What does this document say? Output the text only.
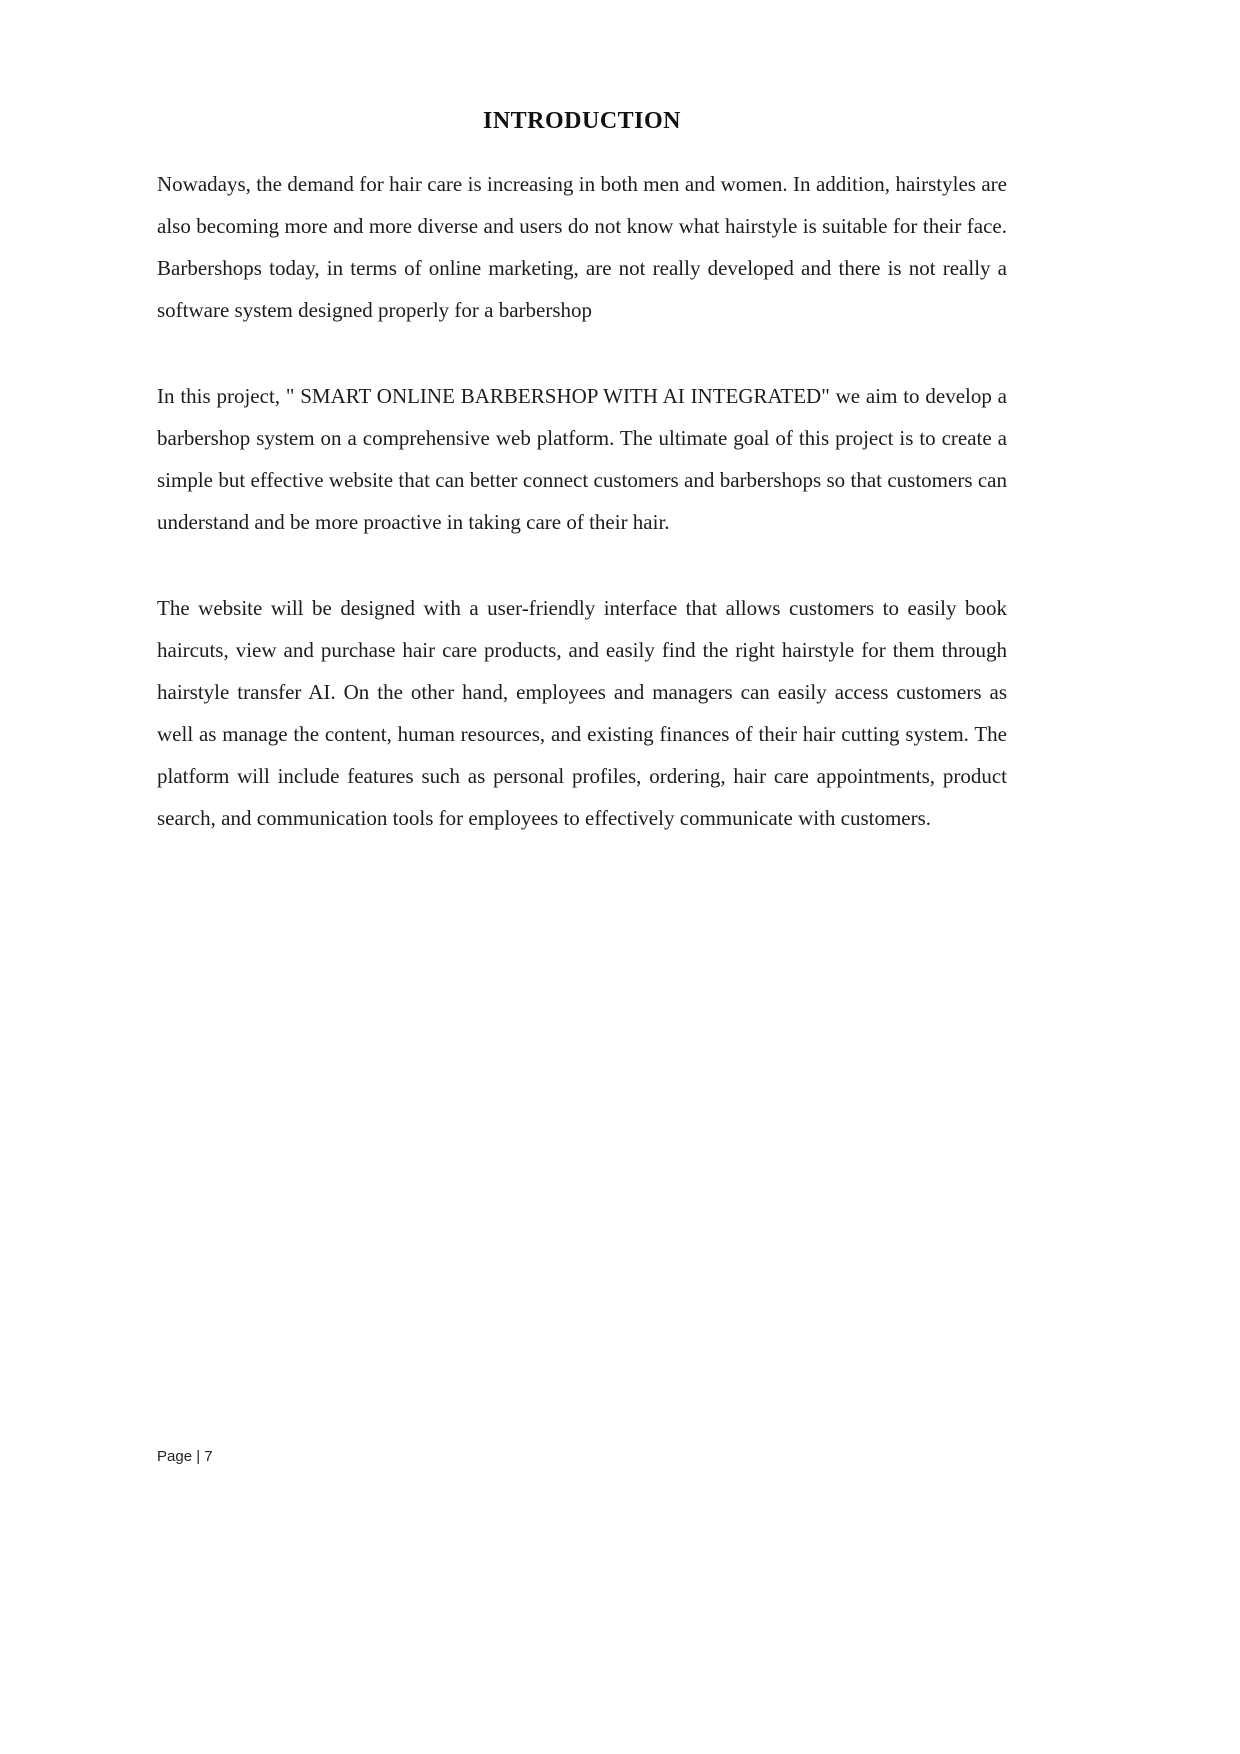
INTRODUCTION

Nowadays, the demand for hair care is increasing in both men and women. In addition, hairstyles are also becoming more and more diverse and users do not know what hairstyle is suitable for their face. Barbershops today, in terms of online marketing, are not really developed and there is not really a software system designed properly for a barbershop

In this project, " SMART ONLINE BARBERSHOP WITH AI INTEGRATED" we aim to develop a barbershop system on a comprehensive web platform. The ultimate goal of this project is to create a simple but effective website that can better connect customers and barbershops so that customers can understand and be more proactive in taking care of their hair.

The website will be designed with a user-friendly interface that allows customers to easily book haircuts, view and purchase hair care products, and easily find the right hairstyle for them through hairstyle transfer AI. On the other hand, employees and managers can easily access customers as well as manage the content, human resources, and existing finances of their hair cutting system. The platform will include features such as personal profiles, ordering, hair care appointments, product search, and communication tools for employees to effectively communicate with customers.

Page | 7
